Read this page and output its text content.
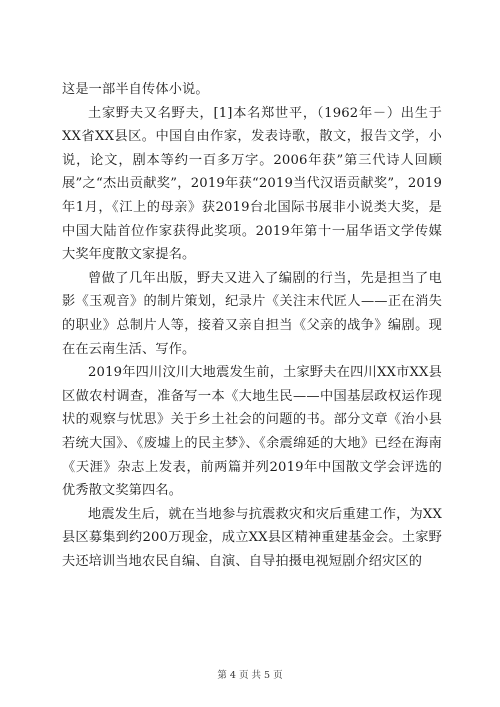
这是一部半自传体小说。

土家野夫又名野夫，[1]本名郑世平，（1962年－）出生于XX省XX县区。中国自由作家，发表诗歌，散文，报告文学，小说，论文，剧本等约一百多万字。2006年获”第三代诗人回顾展”之“杰出贡献奖”，2019年获“2019当代汉语贡献奖”，2019年1月，《江上的母亲》获2019台北国际书展非小说类大奖，是中国大陆首位作家获得此奖项。2019年第十一届华语文学传媒大奖年度散文家提名。

曾做了几年出版，野夫又进入了编剧的行当，先是担当了电影《玉观音》的制片策划，纪录片《关注末代匠人——正在消失的职业》总制片人等，接着又亲自担当《父亲的战争》编剧。现在在云南生活、写作。

2019年四川汶川大地震发生前，土家野夫在四川XX市XX县区做农村调查，准备写一本《大地生民——中国基层政权运作现状的观察与忧思》关于乡土社会的问题的书。部分文章《治小县若统大国》、《废墟上的民主梦》、《余震绵延的大地》已经在海南《天涯》杂志上发表，前两篇并列2019年中国散文学会评选的优秀散文奖第四名。

地震发生后，就在当地参与抗震救灾和灾后重建工作，为XX县区募集到约200万现金，成立XX县区精神重建基金会。土家野夫还培训当地农民自编、自演、自导拍摄电视短剧介绍灾区的

第 4 页 共 5 页
